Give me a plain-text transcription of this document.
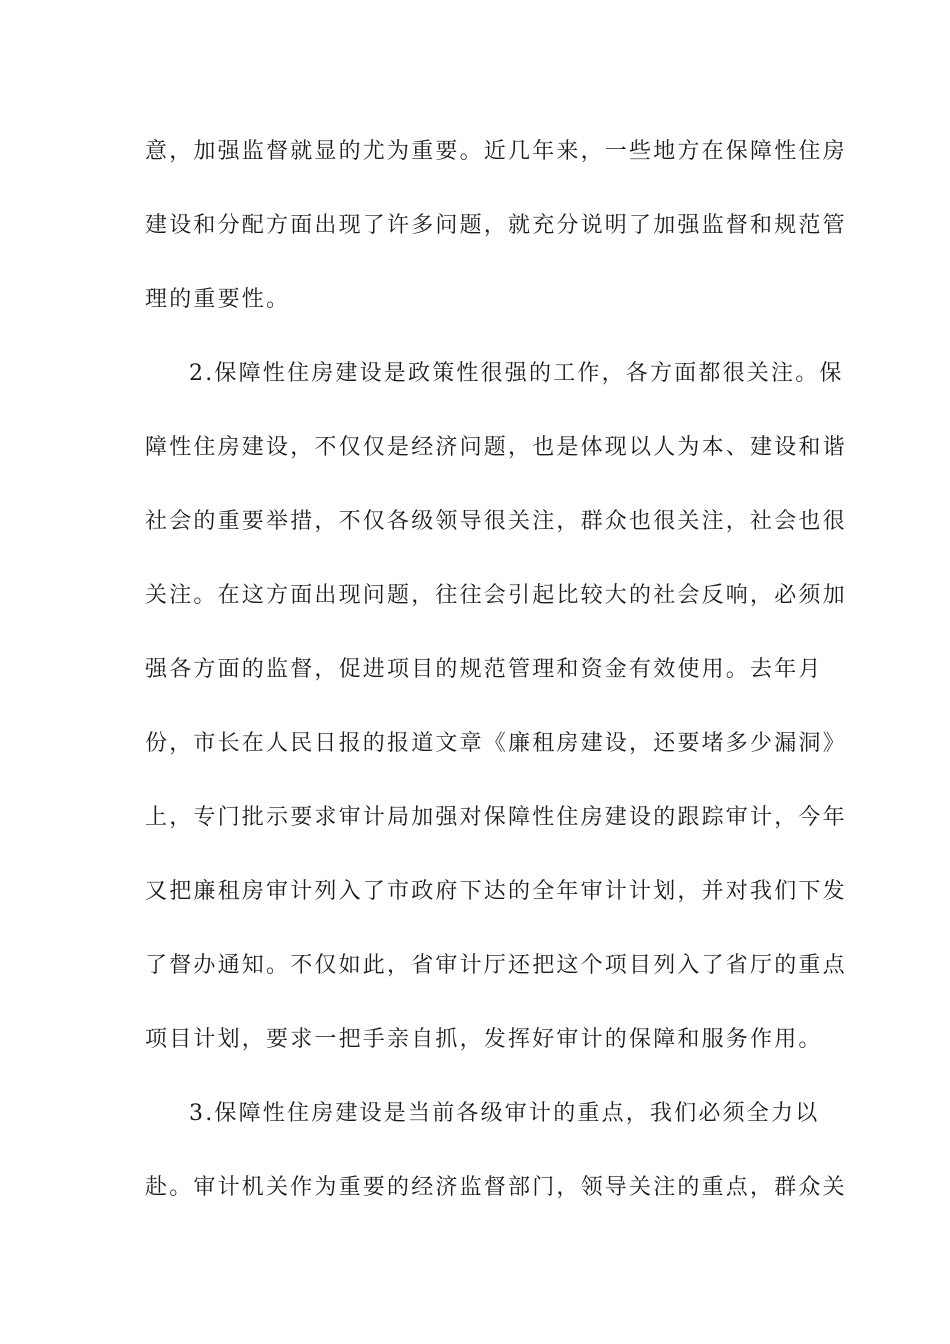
意，加强监督就显的尤为重要。近几年来，一些地方在保障性住房
建设和分配方面出现了许多问题，就充分说明了加强监督和规范管
理的重要性。
2.保障性住房建设是政策性很强的工作，各方面都很关注。保
障性住房建设，不仅仅是经济问题，也是体现以人为本、建设和谐
社会的重要举措，不仅各级领导很关注，群众也很关注，社会也很
关注。在这方面出现问题，往往会引起比较大的社会反响，必须加
强各方面的监督，促进项目的规范管理和资金有效使用。去年月
份，市长在人民日报的报道文章《廉租房建设，还要堵多少漏洞》
上，专门批示要求审计局加强对保障性住房建设的跟踪审计，今年
又把廉租房审计列入了市政府下达的全年审计计划，并对我们下发
了督办通知。不仅如此，省审计厅还把这个项目列入了省厅的重点
项目计划，要求一把手亲自抓，发挥好审计的保障和服务作用。
3.保障性住房建设是当前各级审计的重点，我们必须全力以
赴。审计机关作为重要的经济监督部门，领导关注的重点，群众关
